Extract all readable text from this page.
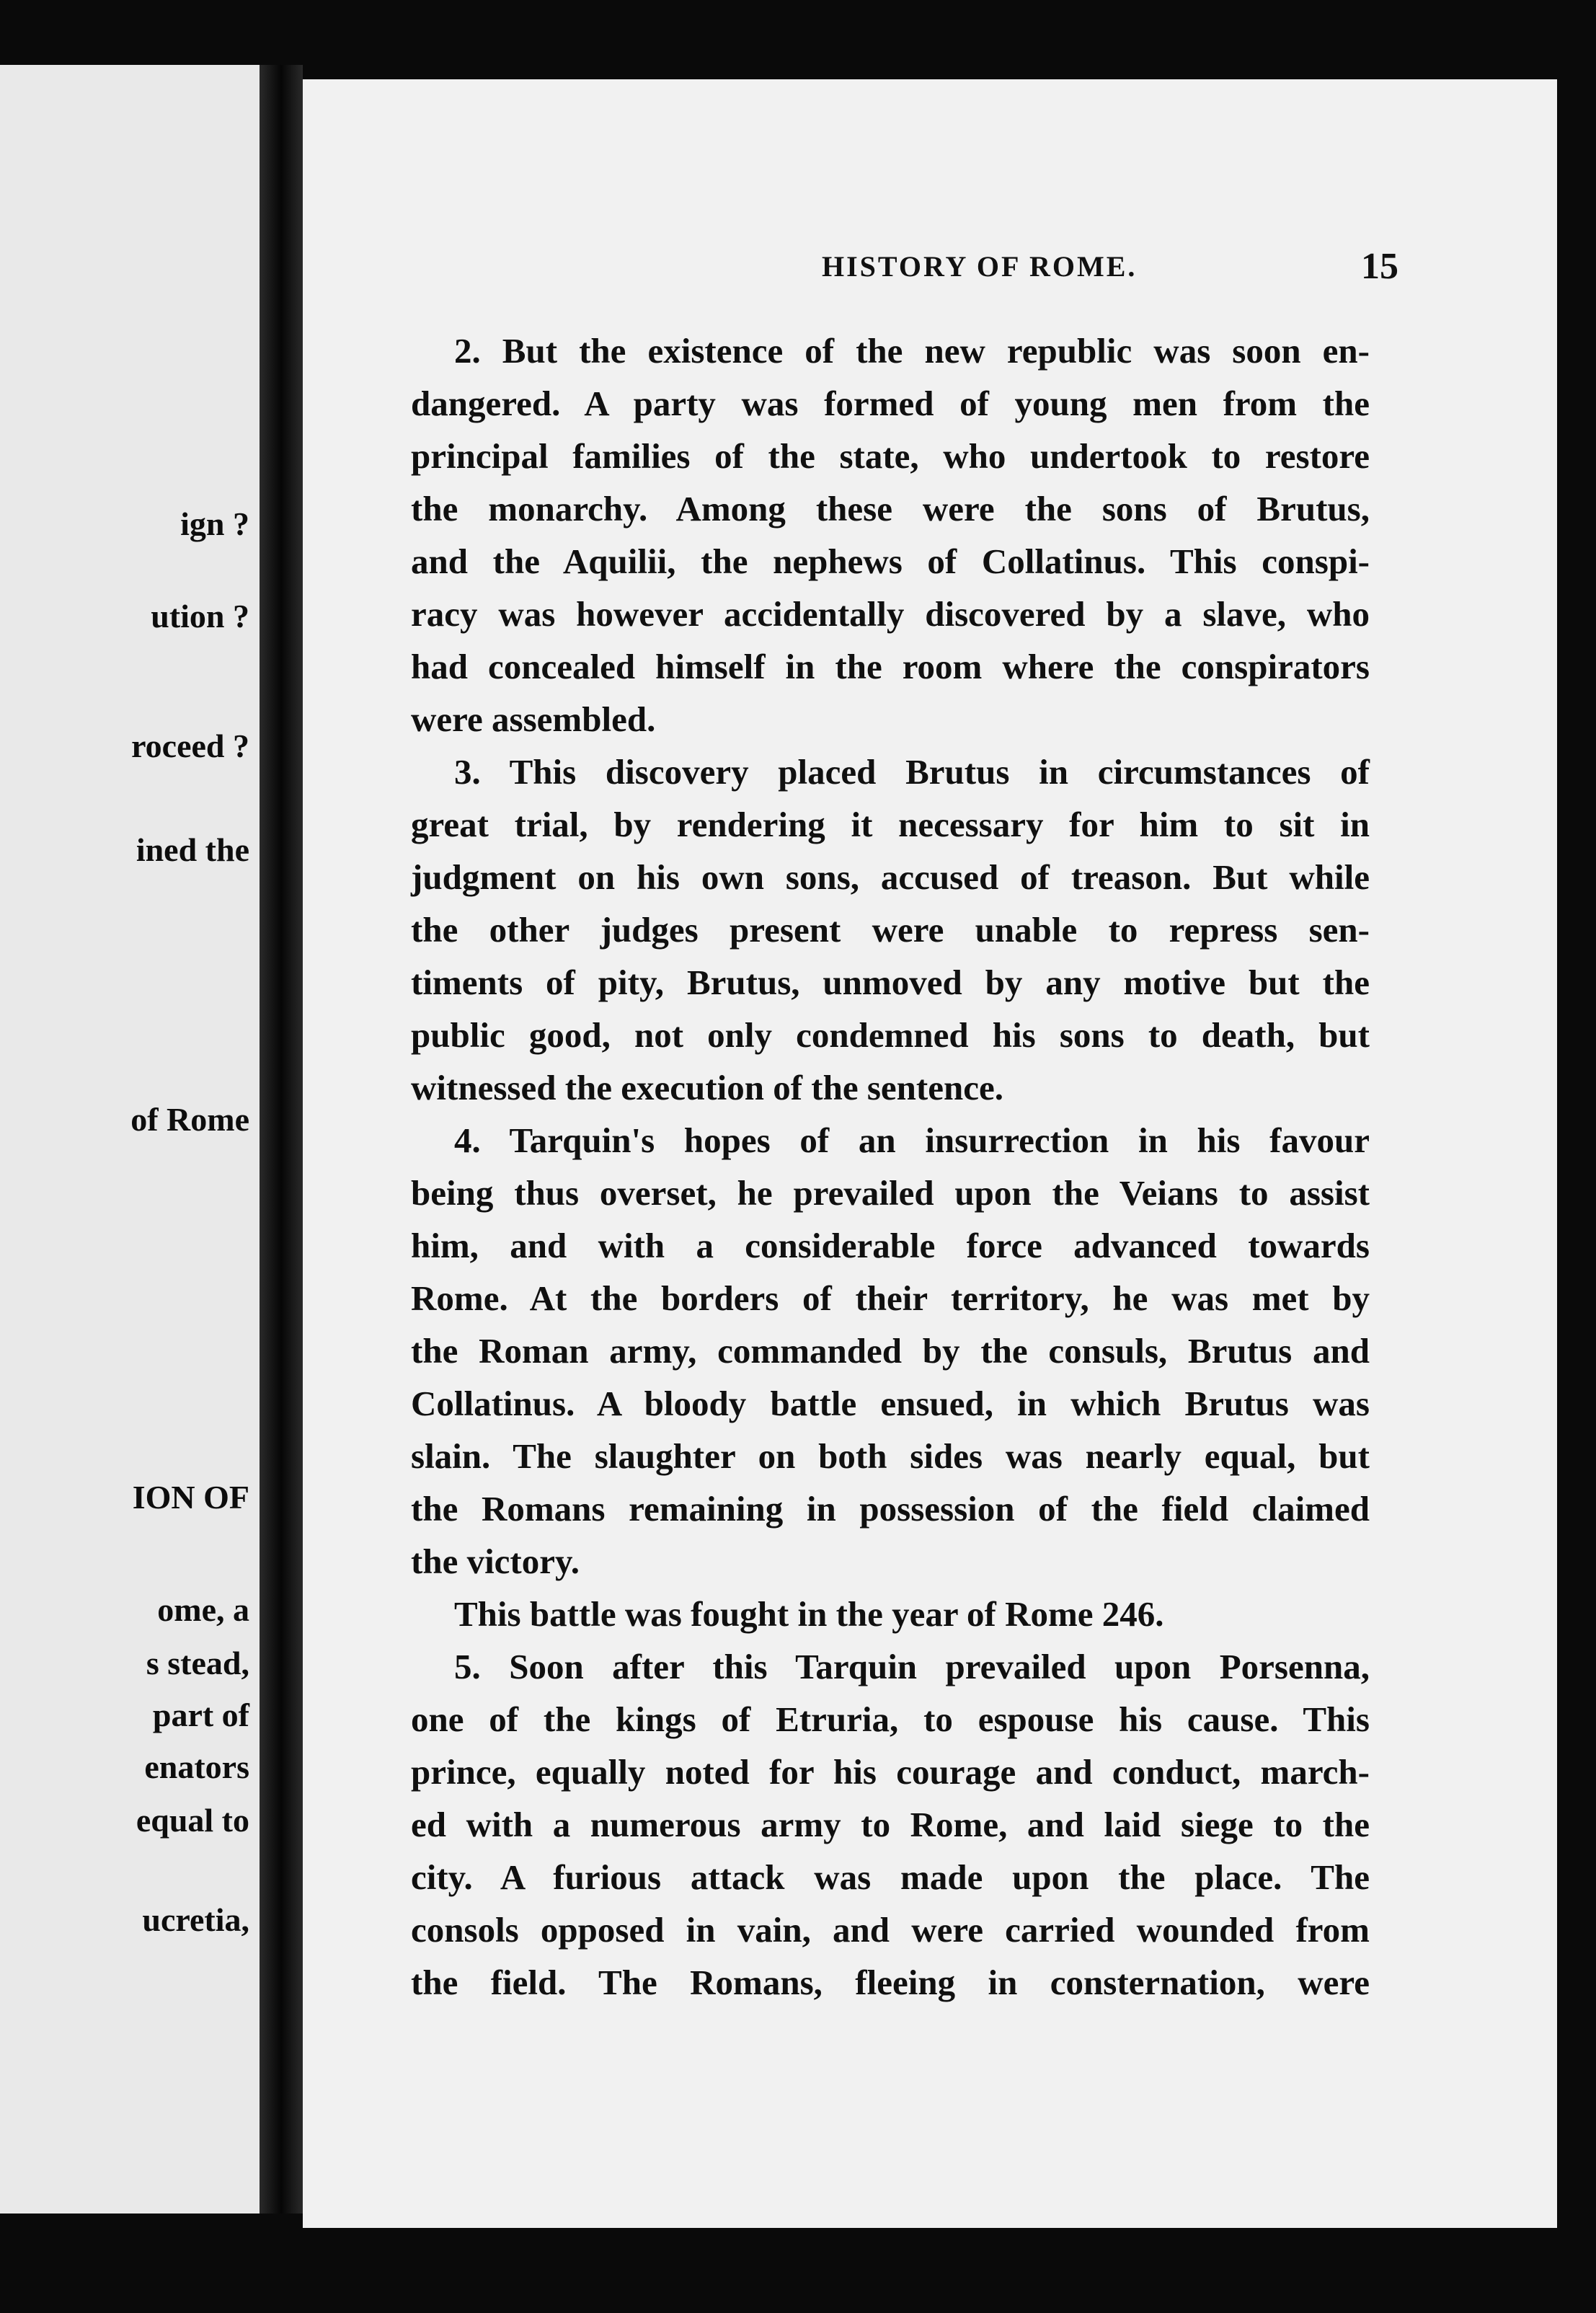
ign ?
ution ?
roceed ?
ined the
of Rome
ION OF
ome, a
s stead,
part of
enators
equal to
ucretia,
HISTORY OF ROME.	15
2. But the existence of the new republic was soon en-
dangered. A party was formed of young men from the
principal families of the state, who undertook to restore
the monarchy. Among these were the sons of Brutus,
and the Aquilii, the nephews of Collatinus. This conspi-
racy was however accidentally discovered by a slave, who
had concealed himself in the room where the conspirators
were assembled.
3. This discovery placed Brutus in circumstances of
great trial, by rendering it necessary for him to sit in
judgment on his own sons, accused of treason. But while
the other judges present were unable to repress sen-
timents of pity, Brutus, unmoved by any motive but the
public good, not only condemned his sons to death, but
witnessed the execution of the sentence.
4. Tarquin's hopes of an insurrection in his favour
being thus overset, he prevailed upon the Veians to assist
him, and with a considerable force advanced towards
Rome. At the borders of their territory, he was met by
the Roman army, commanded by the consuls, Brutus and
Collatinus. A bloody battle ensued, in which Brutus was
slain. The slaughter on both sides was nearly equal, but
the Romans remaining in possession of the field claimed
the victory.
This battle was fought in the year of Rome 246.
5. Soon after this Tarquin prevailed upon Porsenna,
one of the kings of Etruria, to espouse his cause. This
prince, equally noted for his courage and conduct, march-
ed with a numerous army to Rome, and laid siege to the
city. A furious attack was made upon the place. The
consols opposed in vain, and were carried wounded from
the field. The Romans, fleeing in consternation, were
